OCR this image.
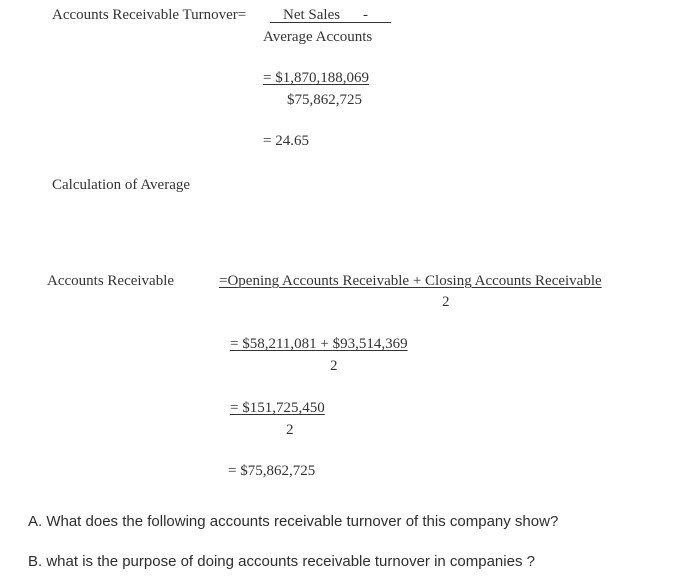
Accounts Receivable Turnover= Net Sales -
Average Accounts
= $1,870,188,069
$75,862,725
= 24.65
Calculation of Average
Accounts Receivable	=Opening Accounts Receivable + Closing Accounts Receivable
2
= $58,211,081 + $93,514,369
2
= $151,725,450
2
= $75,862,725
A. What does the following accounts receivable turnover of this company show?
B. what is the purpose of doing accounts receivable turnover in companies ?
